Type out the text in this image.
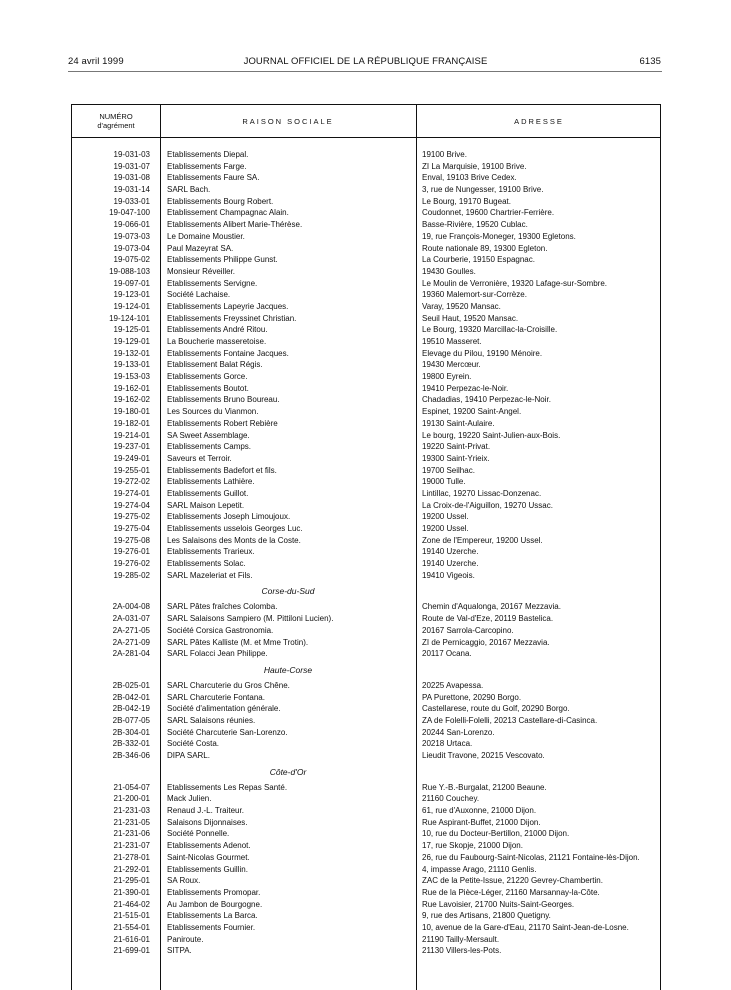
24 avril 1999	JOURNAL OFFICIEL DE LA RÉPUBLIQUE FRANÇAISE	6135
NUMÉRO
d'agrément	RAISON SOCIALE	ADRESSE
19-031-03 Etablissements Diepal.	19100 Brive.
19-031-07 Etablissements Farge.	ZI La Marquisie, 19100 Brive.
19-031-08 Etablissements Faure SA.	Enval, 19103 Brive Cedex.
19-031-14 SARL Bach.	3, rue de Nungesser, 19100 Brive.
19-033-01 Etablissements Bourg Robert.	Le Bourg, 19170 Bugeat.
19-047-100 Etablissement Champagnac Alain.	Coudonnet, 19600 Chartrier-Ferrière.
19-066-01 Etablissements Alibert Marie-Thérèse.	Basse-Rivière, 19520 Cublac.
19-073-03 Le Domaine Moustier.	19, rue François-Moneger, 19300 Egletons.
19-073-04 Paul Mazeyrat SA.	Route nationale 89, 19300 Egleton.
19-075-02 Etablissements Philippe Gunst.	La Courberie, 19150 Espagnac.
19-088-103 Monsieur Réveiller.	19430 Goulles.
19-097-01 Etablissements Servigne.	Le Moulin de Verronière, 19320 Lafage-sur-Sombre.
19-123-01 Société Lachaise.	19360 Malemort-sur-Corrèze.
19-124-01 Etablissements Lapeyrie Jacques.	Varay, 19520 Mansac.
19-124-101 Etablissements Freyssinet Christian.	Seuil Haut, 19520 Mansac.
19-125-01 Etablissements André Ritou.	Le Bourg, 19320 Marcillac-la-Croisille.
19-129-01 La Boucherie masseretoise.	19510 Masseret.
19-132-01 Etablissements Fontaine Jacques.	Elevage du Pilou, 19190 Ménoire.
19-133-01 Etablissement Balat Régis.	19430 Mercœur.
19-153-03 Etablissements Gorce.	19800 Eyrein.
19-162-01 Etablissements Boutot.	19410 Perpezac-le-Noir.
19-162-02 Etablissements Bruno Boureau.	Chadadias, 19410 Perpezac-le-Noir.
19-180-01 Les Sources du Vianmon.	Espinet, 19200 Saint-Angel.
19-182-01 Etablissements Robert Rebière	19130 Saint-Aulaire.
19-214-01 SA Sweet Assemblage.	Le bourg, 19220 Saint-Julien-aux-Bois.
19-237-01 Etablissements Camps.	19220 Saint-Privat.
19-249-01 Saveurs et Terroir.	19300 Saint-Yrieix.
19-255-01 Etablissements Badefort et fils.	19700 Seilhac.
19-272-02 Etablissements Lathière.	19000 Tulle.
19-274-01 Etablissements Guillot.	Lintillac, 19270 Lissac-Donzenac.
19-274-04 SARL Maison Lepetit.	La Croix-de-l'Aiguillon, 19270 Ussac.
19-275-02 Etablissements Joseph Limoujoux.	19200 Ussel.
19-275-04 Etablissements usselois Georges Luc.	19200 Ussel.
19-275-08 Les Salaisons des Monts de la Coste.	Zone de l'Empereur, 19200 Ussel.
19-276-01 Etablissements Trarieux.	19140 Uzerche.
19-276-02 Etablissements Solac.	19140 Uzerche.
19-285-02 SARL Mazeleriat et Fils.	19410 Vigeois.
Corse-du-Sud
2A-004-08 SARL Pâtes fraîches Colomba.	Chemin d'Aqualonga, 20167 Mezzavia.
2A-031-07 SARL Salaisons Sampiero (M. Pittiloni Lucien).	Route de Val-d'Eze, 20119 Bastelica.
2A-271-05 Société Corsica Gastronomia.	20167 Sarrola-Carcopino.
2A-271-09 SARL Pâtes Kalliste (M. et Mme Trotin).	ZI de Pernicaggio, 20167 Mezzavia.
2A-281-04 SARL Folacci Jean Philippe.	20117 Ocana.
Haute-Corse
2B-025-01 SARL Charcuterie du Gros Chêne.	20225 Avapessa.
2B-042-01 SARL Charcuterie Fontana.	PA Purettone, 20290 Borgo.
2B-042-19 Société d'alimentation générale.	Castellarese, route du Golf, 20290 Borgo.
2B-077-05 SARL Salaisons réunies.	ZA de Folelli-Folelli, 20213 Castellare-di-Casinca.
2B-304-01 Société Charcuterie San-Lorenzo.	20244 San-Lorenzo.
2B-332-01 Société Costa.	20218 Urtaca.
2B-346-06 DIPA SARL.	Lieudit Travone, 20215 Vescovato.
Côte-d'Or
21-054-07 Etablissements Les Repas Santé.	Rue Y.-B.-Burgalat, 21200 Beaune.
21-200-01 Mack Julien.	21160 Couchey.
21-231-03 Renaud J.-L. Traiteur.	61, rue d'Auxonne, 21000 Dijon.
21-231-05 Salaisons Dijonnaises.	Rue Aspirant-Buffet, 21000 Dijon.
21-231-06 Société Ponnelle.	10, rue du Docteur-Bertillon, 21000 Dijon.
21-231-07 Etablissements Adenot.	17, rue Skopje, 21000 Dijon.
21-278-01 Saint-Nicolas Gourmet.	26, rue du Faubourg-Saint-Nicolas, 21121 Fontaine-lès-Dijon.
21-292-01 Etablissements Guillin.	4, impasse Arago, 21110 Genlis.
21-295-01 SA Roux.	ZAC de la Petite-Issue, 21220 Gevrey-Chambertin.
21-390-01 Etablissements Promopar.	Rue de la Pièce-Léger, 21160 Marsannay-la-Côte.
21-464-02 Au Jambon de Bourgogne.	Rue Lavoisier, 21700 Nuits-Saint-Georges.
21-515-01 Etablissements La Barca.	9, rue des Artisans, 21800 Quetigny.
21-554-01 Etablissements Fournier.	10, avenue de la Gare-d'Eau, 21170 Saint-Jean-de-Losne.
21-616-01 Paniroute.	21190 Tailly-Mersault.
21-699-01 SITPA.	21130 Villers-les-Pots.
